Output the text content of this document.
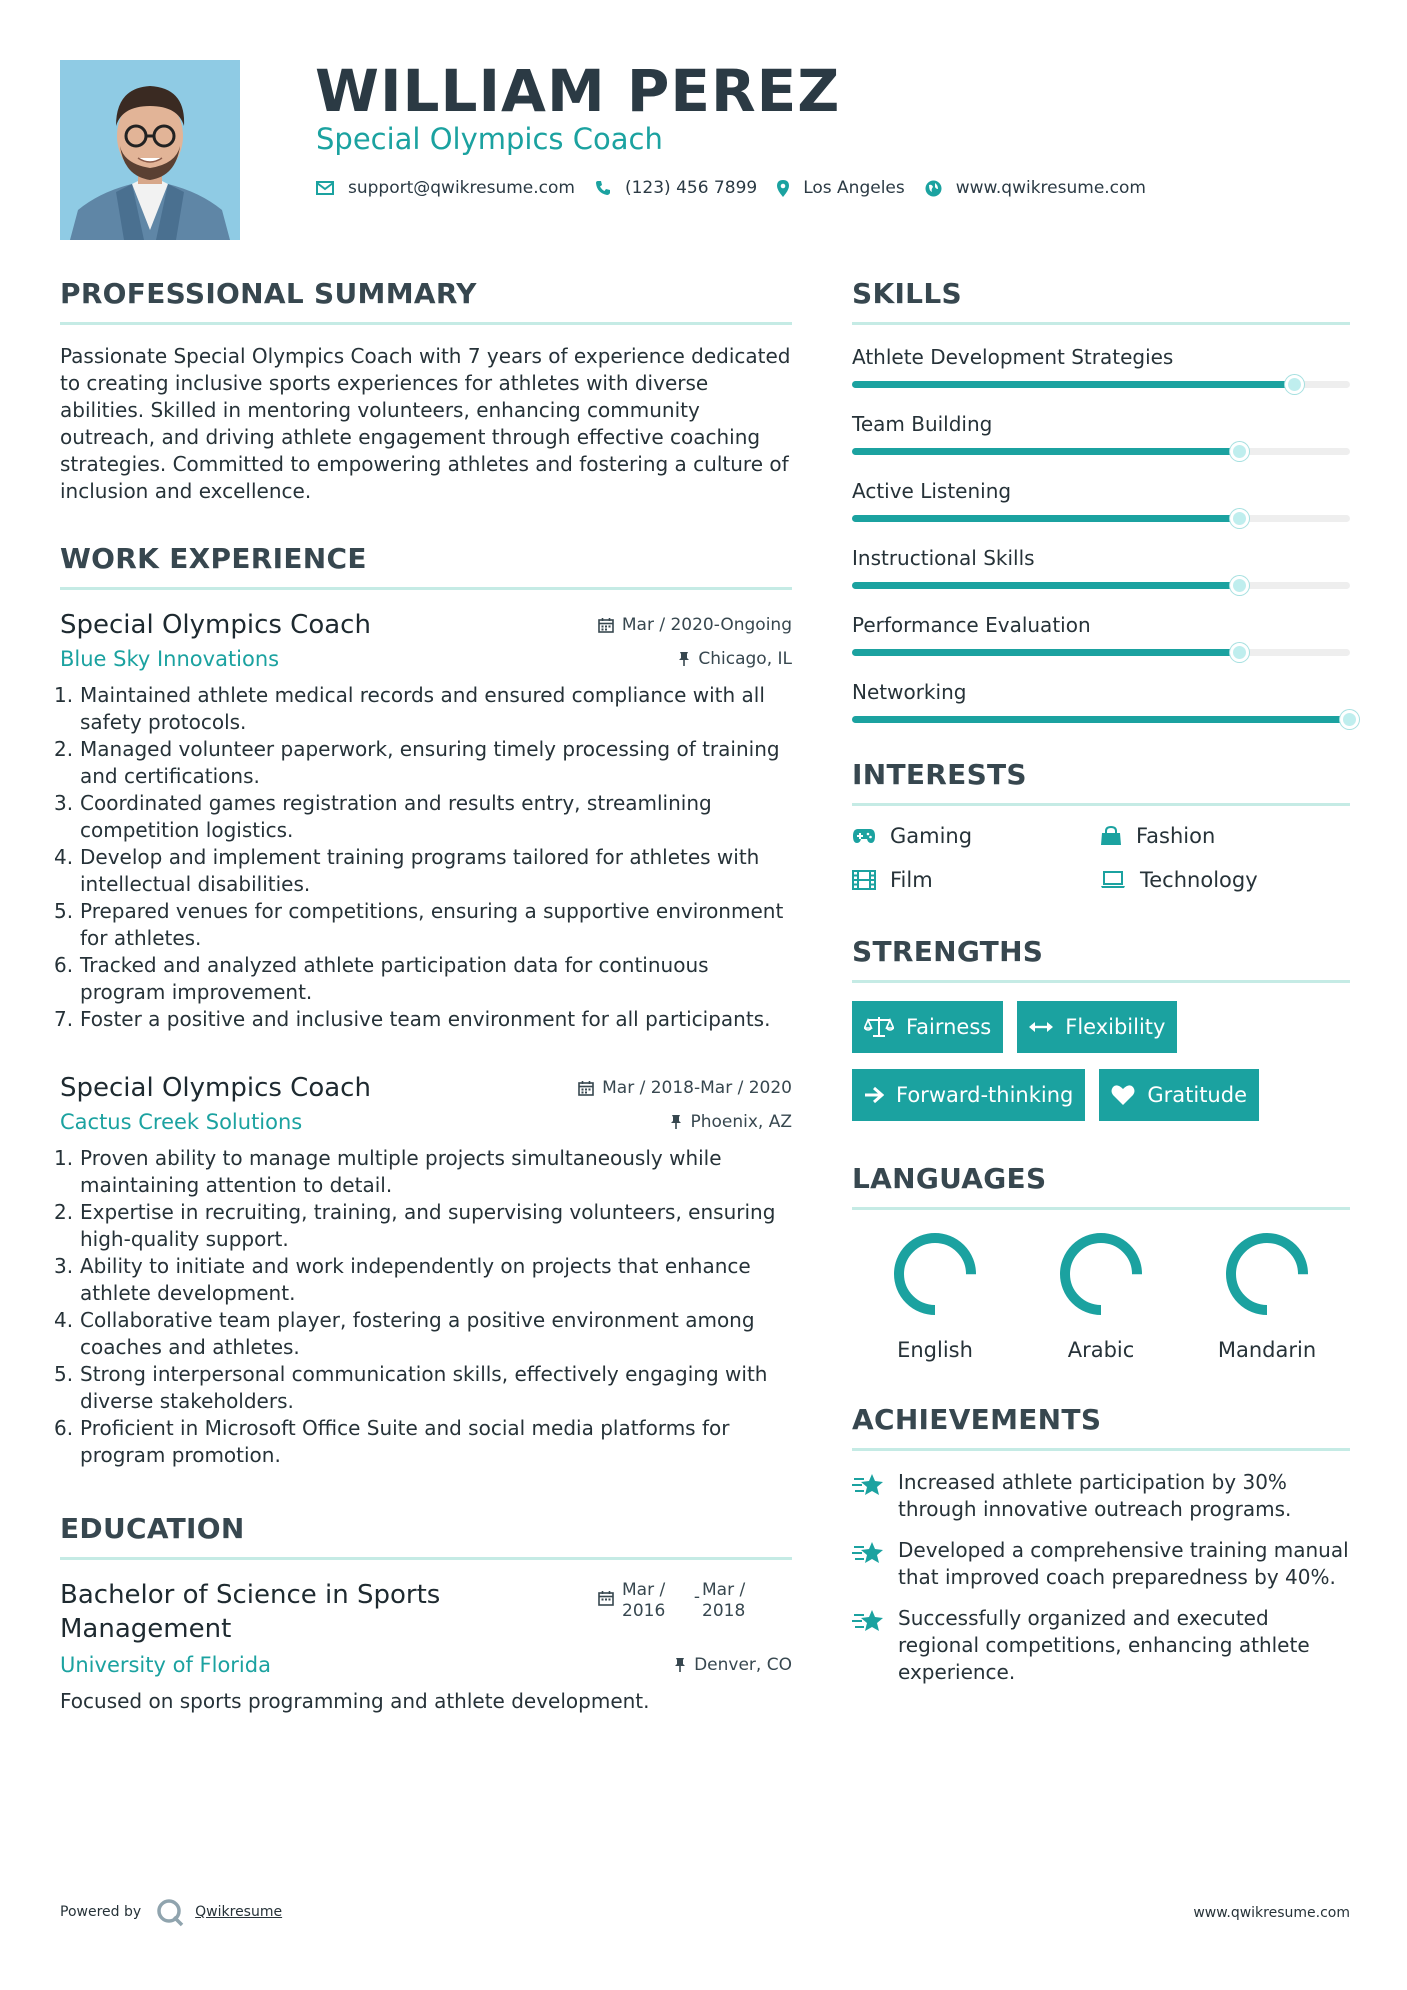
WILLIAM PEREZ
Special Olympics Coach
support@qwikresume.com	(123) 456 7899	Los Angeles	www.qwikresume.com
PROFESSIONAL SUMMARY
Passionate Special Olympics Coach with 7 years of experience dedicated to creating inclusive sports experiences for athletes with diverse abilities. Skilled in mentoring volunteers, enhancing community outreach, and driving athlete engagement through effective coaching strategies. Committed to empowering athletes and fostering a culture of inclusion and excellence.
WORK EXPERIENCE
Special Olympics Coach	Mar / 2020-Ongoing
Blue Sky Innovations	Chicago, IL
1. Maintained athlete medical records and ensured compliance with all safety protocols.
2. Managed volunteer paperwork, ensuring timely processing of training and certifications.
3. Coordinated games registration and results entry, streamlining competition logistics.
4. Develop and implement training programs tailored for athletes with intellectual disabilities.
5. Prepared venues for competitions, ensuring a supportive environment for athletes.
6. Tracked and analyzed athlete participation data for continuous program improvement.
7. Foster a positive and inclusive team environment for all participants.
Special Olympics Coach	Mar / 2018-Mar / 2020
Cactus Creek Solutions	Phoenix, AZ
1. Proven ability to manage multiple projects simultaneously while maintaining attention to detail.
2. Expertise in recruiting, training, and supervising volunteers, ensuring high-quality support.
3. Ability to initiate and work independently on projects that enhance athlete development.
4. Collaborative team player, fostering a positive environment among coaches and athletes.
5. Strong interpersonal communication skills, effectively engaging with diverse stakeholders.
6. Proficient in Microsoft Office Suite and social media platforms for program promotion.
EDUCATION
Bachelor of Science in Sports Management
Mar /
2016

- Mar /
2018
University of Florida	Denver, CO
Focused on sports programming and athlete development.
SKILLS
Athlete Development Strategies
Team Building
Active Listening
Instructional Skills
Performance Evaluation
Networking
INTERESTS
Gaming	Fashion
Film	Technology
STRENGTHS
Fairness	Flexibility
Forward-thinking	Gratitude
LANGUAGES
English	Arabic	Mandarin
ACHIEVEMENTS
Increased athlete participation by 30% through innovative outreach programs.
Developed a comprehensive training manual that improved coach preparedness by 40%.
Successfully organized and executed regional competitions, enhancing athlete experience.
Powered by	Qwikresume	www.qwikresume.com
